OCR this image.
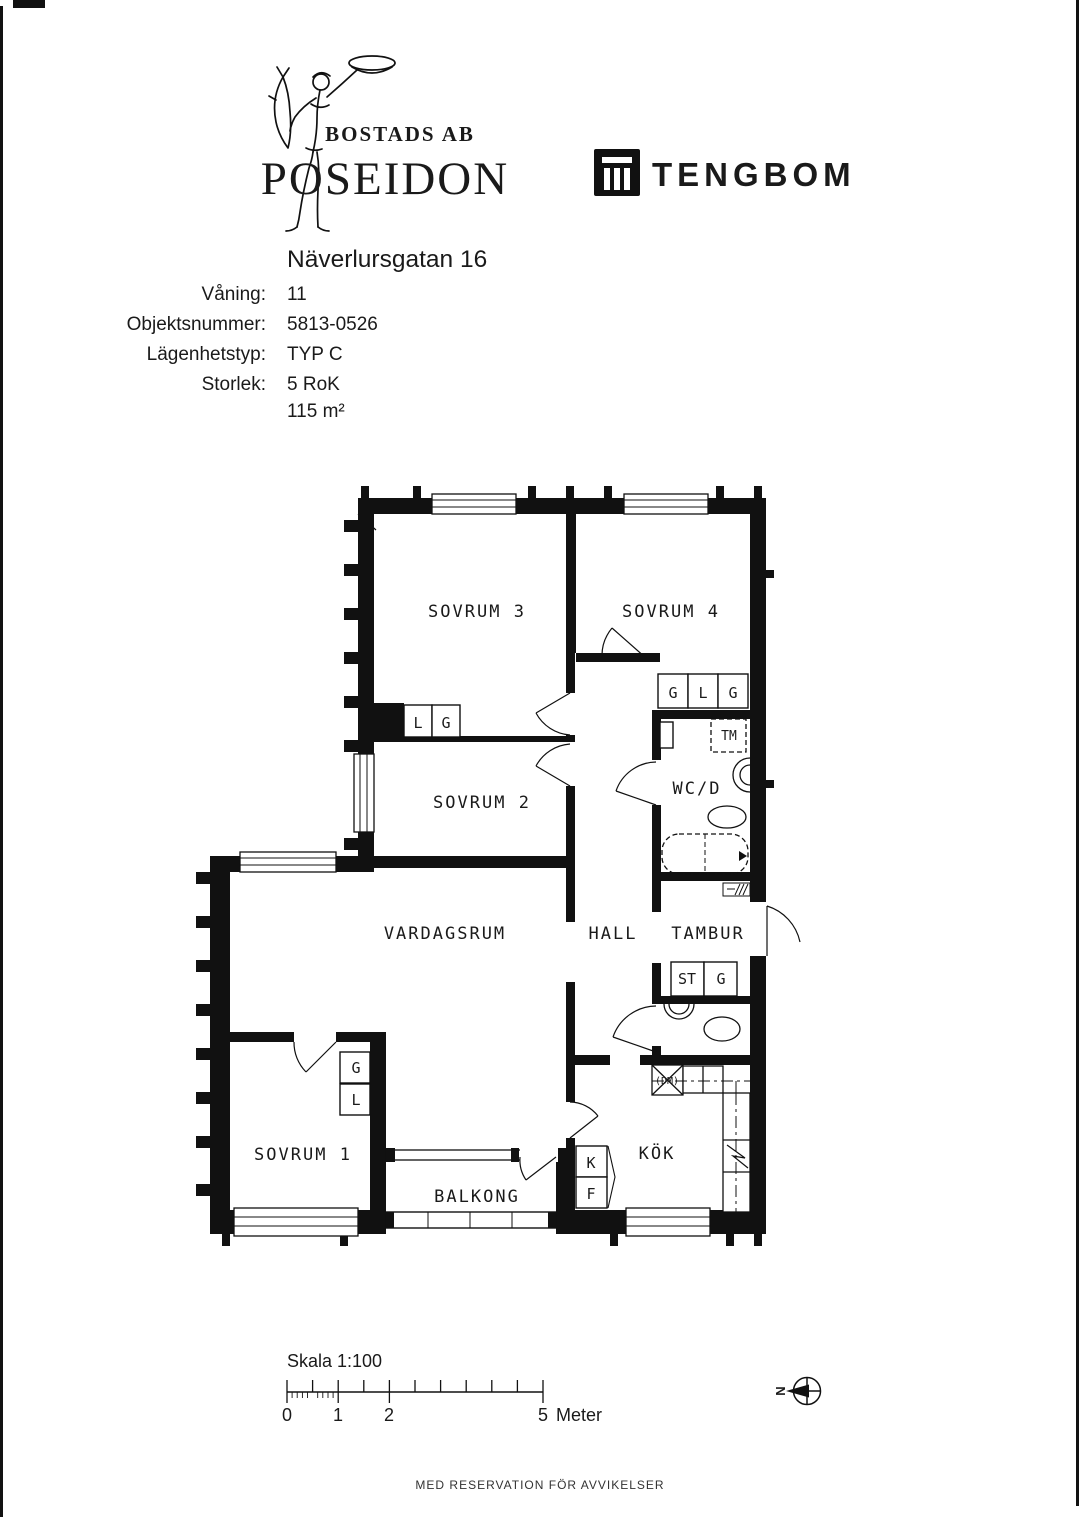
BOSTADS AB
POSEIDON	TENGBOM
Näverlursgatan 16
Våning: 11
Objektsnummer: 5813-0526
Lägenhetstyp: TYP C
Storlek: 5 RoK
115 m²
SOVRUM 3	SOVRUM 4
SOVRUM 2
WC/D
VARDAGSRUM	HALL TAMBUR
SOVRUM 1
BALKONG
KÖK
L G
G L G
TM
ST G
G
L
K
F
(DM)
Skala 1:100
0 1 2	5 Meter
N
MED RESERVATION FÖR AVVIKELSER
